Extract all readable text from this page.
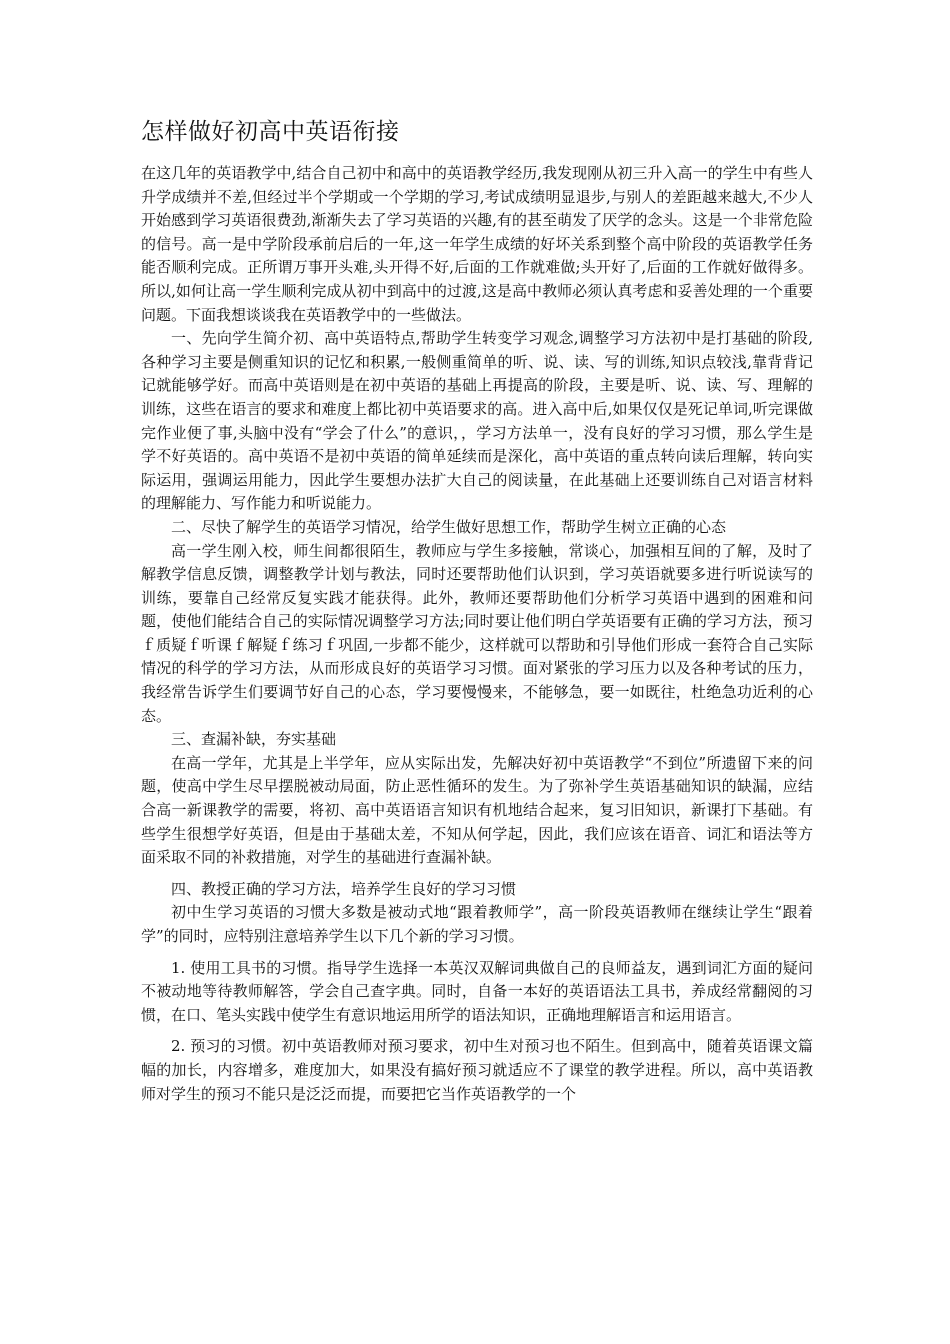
怎样做好初高中英语衔接

在这几年的英语教学中,结合自己初中和高中的英语教学经历,我发现刚从初三升入高一的学生中有些人升学成绩并不差,但经过半个学期或一个学期的学习,考试成绩明显退步,与别人的差距越来越大,不少人开始感到学习英语很费劲,渐渐失去了学习英语的兴趣,有的甚至萌发了厌学的念头。这是一个非常危险的信号。高一是中学阶段承前启后的一年,这一年学生成绩的好坏关系到整个高中阶段的英语教学任务能否顺利完成。正所谓万事开头难,头开得不好,后面的工作就难做;头开好了,后面的工作就好做得多。所以,如何让高一学生顺利完成从初中到高中的过渡,这是高中教师必须认真考虑和妥善处理的一个重要问题。下面我想谈谈我在英语教学中的一些做法。

一、先向学生简介初、高中英语特点,帮助学生转变学习观念,调整学习方法初中是打基础的阶段,各种学习主要是侧重知识的记忆和积累,一般侧重简单的听、说、读、写的训练,知识点较浅,靠背背记记就能够学好。而高中英语则是在初中英语的基础上再提高的阶段，主要是听、说、读、写、理解的训练，这些在语言的要求和难度上都比初中英语要求的高。进入高中后,如果仅仅是死记单词,听完课做完作业便了事,头脑中没有“学会了什么”的意识，，学习方法单一，没有良好的学习习惯，那么学生是学不好英语的。高中英语不是初中英语的简单延续而是深化，高中英语的重点转向读后理解，转向实际运用，强调运用能力，因此学生要想办法扩大自己的阅读量，在此基础上还要训练自己对语言材料的理解能力、写作能力和听说能力。

二、尽快了解学生的英语学习情况，给学生做好思想工作，帮助学生树立正确的心态

高一学生刚入校，师生间都很陌生，教师应与学生多接触，常谈心，加强相互间的了解，及时了解教学信息反馈，调整教学计划与教法，同时还要帮助他们认识到，学习英语就要多进行听说读写的训练，要靠自己经常反复实践才能获得。此外，教师还要帮助他们分析学习英语中遇到的困难和问题，使他们能结合自己的实际情况调整学习方法;同时要让他们明白学英语要有正确的学习方法，预习ｆ质疑ｆ听课ｆ解疑ｆ练习ｆ巩固,一步都不能少，这样就可以帮助和引导他们形成一套符合自己实际情况的科学的学习方法，从而形成良好的英语学习习惯。面对紧张的学习压力以及各种考试的压力，我经常告诉学生们要调节好自己的心态，学习要慢慢来，不能够急，要一如既往，杜绝急功近利的心态。

三、查漏补缺，夯实基础

在高一学年，尤其是上半学年，应从实际出发，先解决好初中英语教学“不到位”所遗留下来的问题，使高中学生尽早摆脱被动局面，防止恶性循环的发生。为了弥补学生英语基础知识的缺漏，应结合高一新课教学的需要，将初、高中英语语言知识有机地结合起来，复习旧知识，新课打下基础。有些学生很想学好英语，但是由于基础太差，不知从何学起，因此，我们应该在语音、词汇和语法等方面采取不同的补救措施，对学生的基础进行查漏补缺。

四、教授正确的学习方法，培养学生良好的学习习惯

初中生学习英语的习惯大多数是被动式地“跟着教师学”，高一阶段英语教师在继续让学生“跟着学”的同时，应特别注意培养学生以下几个新的学习习惯。

1. 使用工具书的习惯。指导学生选择一本英汉双解词典做自己的良师益友，遇到词汇方面的疑问不被动地等待教师解答，学会自己查字典。同时，自备一本好的英语语法工具书，养成经常翻阅的习惯，在口、笔头实践中使学生有意识地运用所学的语法知识，正确地理解语言和运用语言。

2. 预习的习惯。初中英语教师对预习要求，初中生对预习也不陌生。但到高中，随着英语课文篇幅的加长，内容增多，难度加大，如果没有搞好预习就适应不了课堂的教学进程。所以，高中英语教师对学生的预习不能只是泛泛而提，而要把它当作英语教学的一个
